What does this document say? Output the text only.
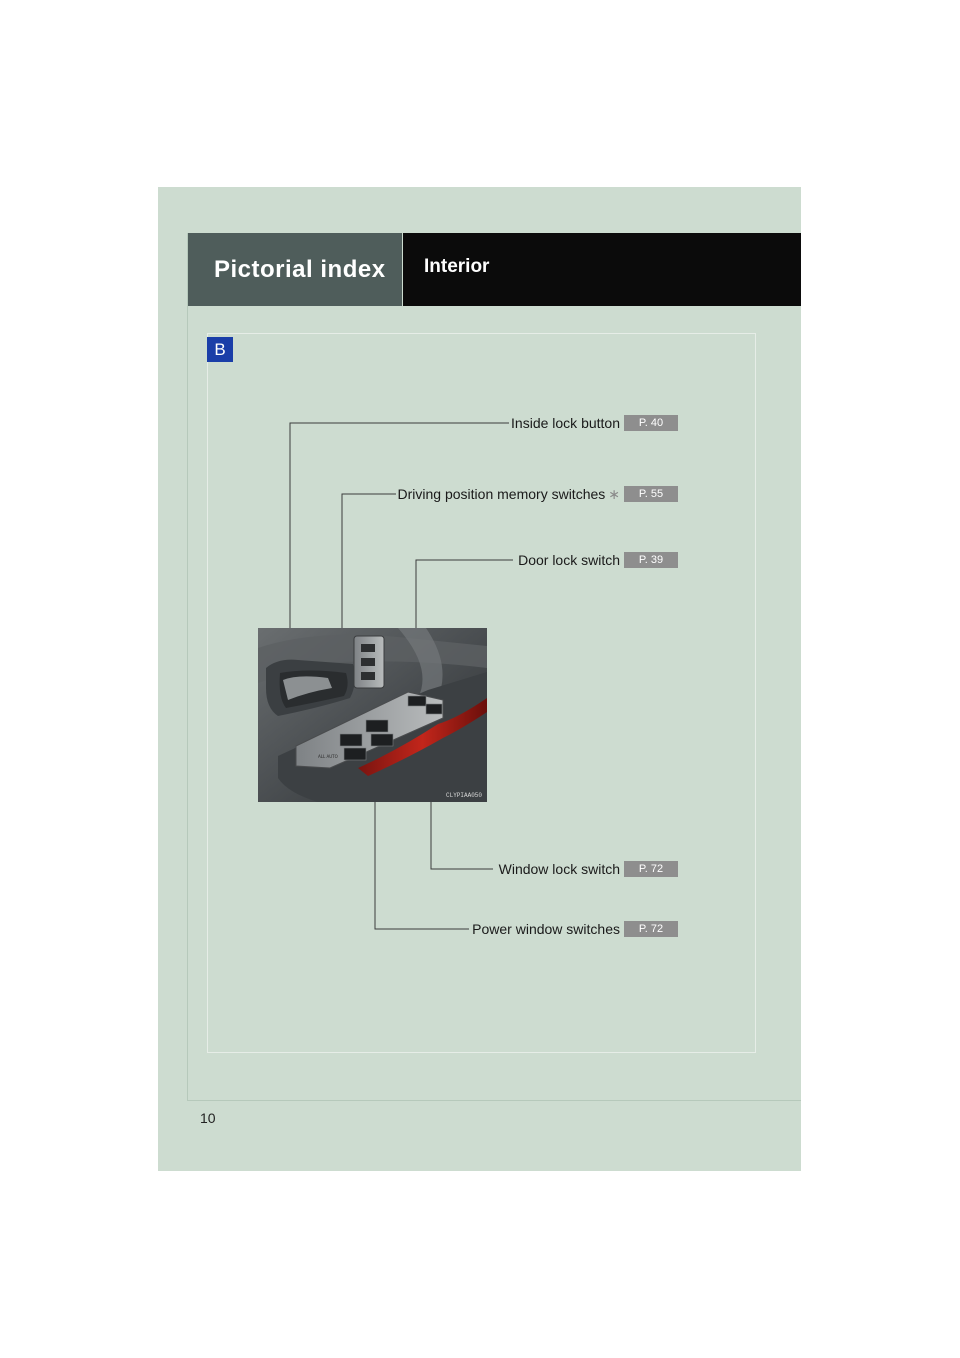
Pictorial index	Interior
B
Inside lock button	P. 40
Driving position memory switches ∗	P. 55
Door lock switch	P. 39
Window lock switch	P. 72
Power window switches	P. 72
ALL AUTO
CLYPIAA050
10
